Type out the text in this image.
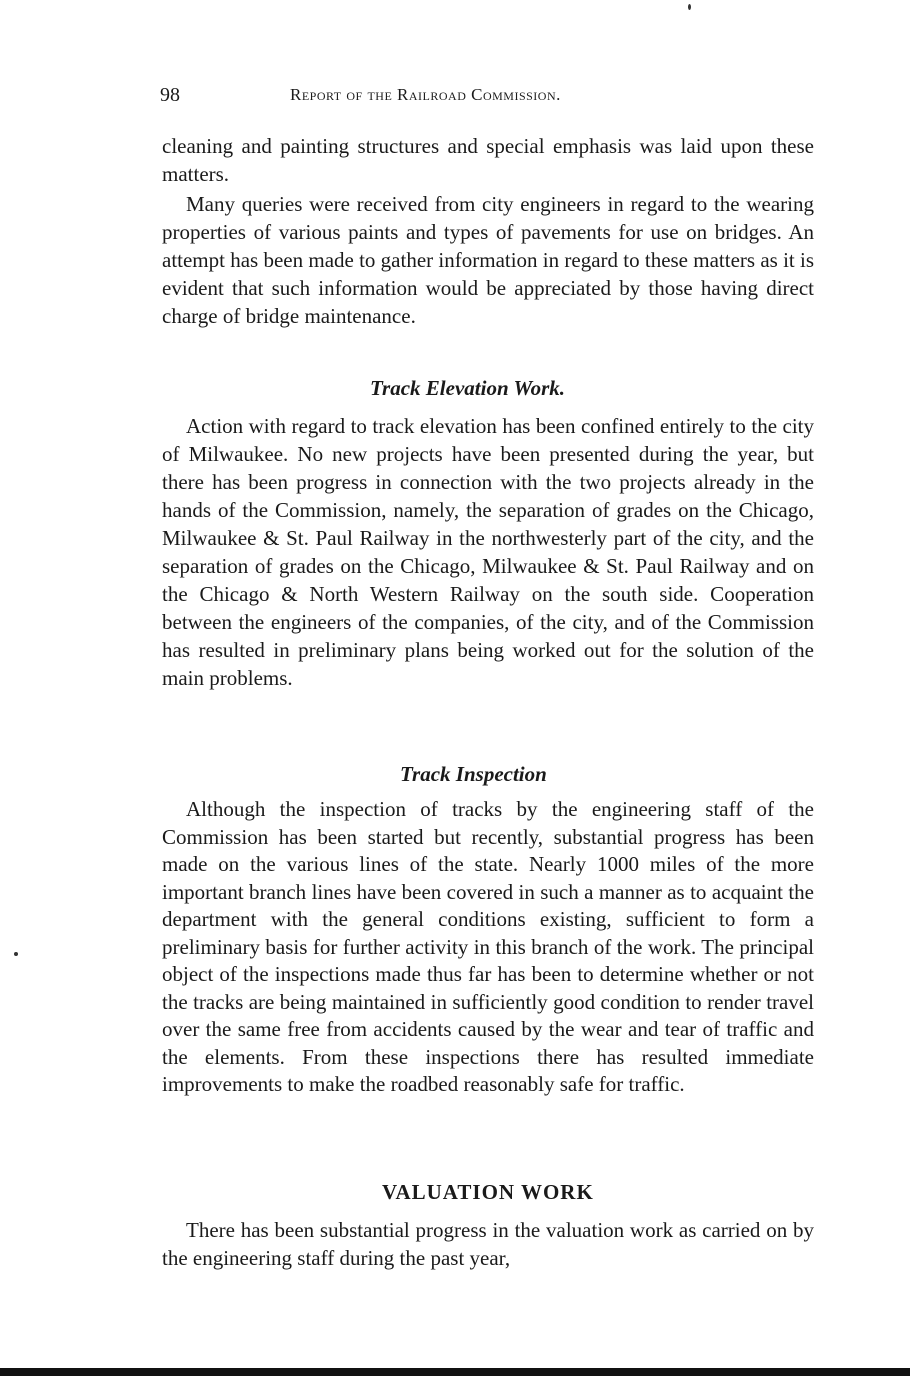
98	Report of the Railroad Commission.

cleaning and painting structures and special emphasis was laid upon these matters.

Many queries were received from city engineers in regard to the wearing properties of various paints and types of pavements for use on bridges. An attempt has been made to gather information in regard to these matters as it is evident that such information would be appreciated by those having direct charge of bridge maintenance.

Track Elevation Work.

Action with regard to track elevation has been confined entirely to the city of Milwaukee. No new projects have been presented during the year, but there has been progress in connection with the two projects already in the hands of the Commission, namely, the separation of grades on the Chicago, Milwaukee & St. Paul Railway in the northwesterly part of the city, and the separation of grades on the Chicago, Milwaukee & St. Paul Railway and on the Chicago & North Western Railway on the south side. Cooperation between the engineers of the companies, of the city, and of the Commission has resulted in preliminary plans being worked out for the solution of the main problems.

Track Inspection

Although the inspection of tracks by the engineering staff of the Commission has been started but recently, substantial progress has been made on the various lines of the state. Nearly 1000 miles of the more important branch lines have been covered in such a manner as to acquaint the department with the general conditions existing, sufficient to form a preliminary basis for further activity in this branch of the work. The principal object of the inspections made thus far has been to determine whether or not the tracks are being maintained in sufficiently good condition to render travel over the same free from accidents caused by the wear and tear of traffic and the elements. From these inspections there has resulted immediate improvements to make the roadbed reasonably safe for traffic.

VALUATION WORK

There has been substantial progress in the valuation work as carried on by the engineering staff during the past year,
